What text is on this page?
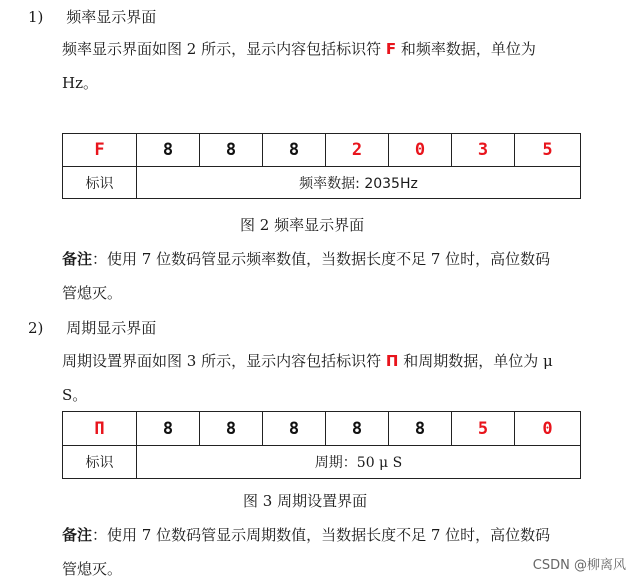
1) 频率显示界面
频率显示界面如图 2 所示，显示内容包括标识符 F 和频率数据，单位为
Hz。
F	8	8	8	2	0	3	5
标识	频率数据: 2035Hz						
图 2 频率显示界面
备注：使用 7 位数码管显示频率数值，当数据长度不足 7 位时，高位数码
管熄灭。
2) 周期显示界面
周期设置界面如图 3 所示，显示内容包括标识符 П 和周期数据，单位为 μ
S。
П	8	8	8	8	8	5	0
标识	周期：50 μ S						
图 3 周期设置界面
备注：使用 7 位数码管显示周期数值，当数据长度不足 7 位时，高位数码
管熄灭。	CSDN @柳离风
